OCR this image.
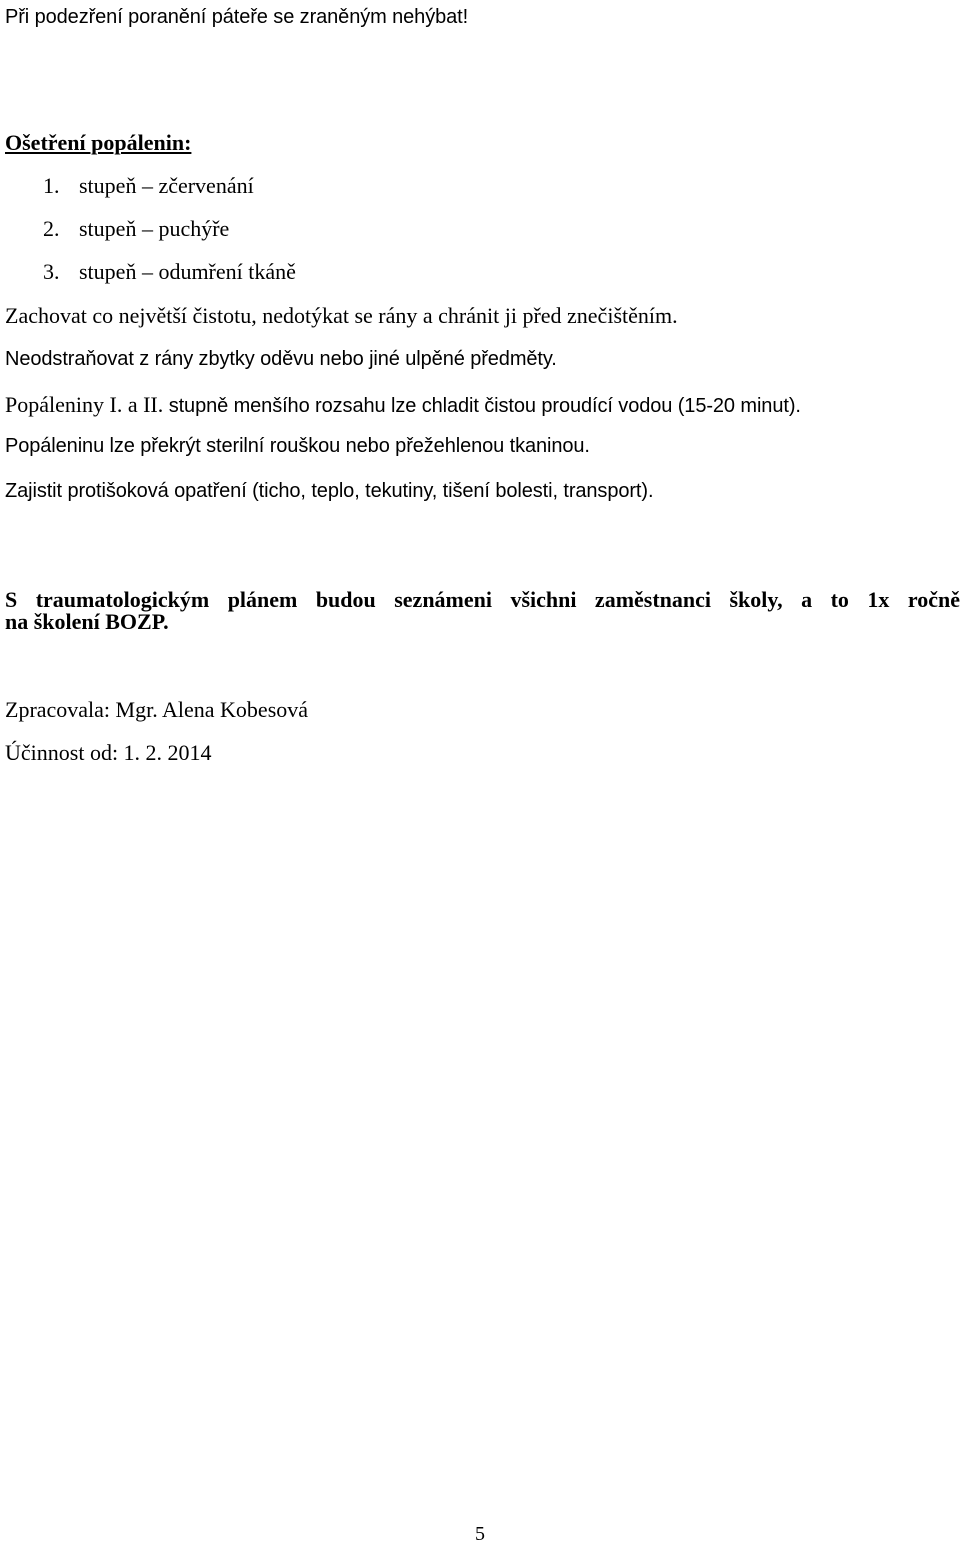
Při podezření poranění páteře se zraněným nehýbat!

Ošetření popálenin:

1. stupeň – zčervenání
2. stupeň – puchýře
3. stupeň – odumření tkáně

Zachovat co největší čistotu, nedotýkat se rány a chránit ji před znečištěním.

Neodstraňovat z rány zbytky oděvu nebo jiné ulpěné předměty.

Popáleniny I. a II. stupně menšího rozsahu lze chladit čistou proudící vodou (15-20 minut).

Popáleninu lze překrýt sterilní rouškou nebo přežehlenou tkaninou.

Zajistit protišoková opatření (ticho, teplo, tekutiny, tišení bolesti, transport).

S traumatologickým plánem budou seznámeni všichni zaměstnanci školy, a to 1x ročně

na školení BOZP.

Zpracovala: Mgr. Alena Kobesová

Účinnost od: 1. 2. 2014

5
